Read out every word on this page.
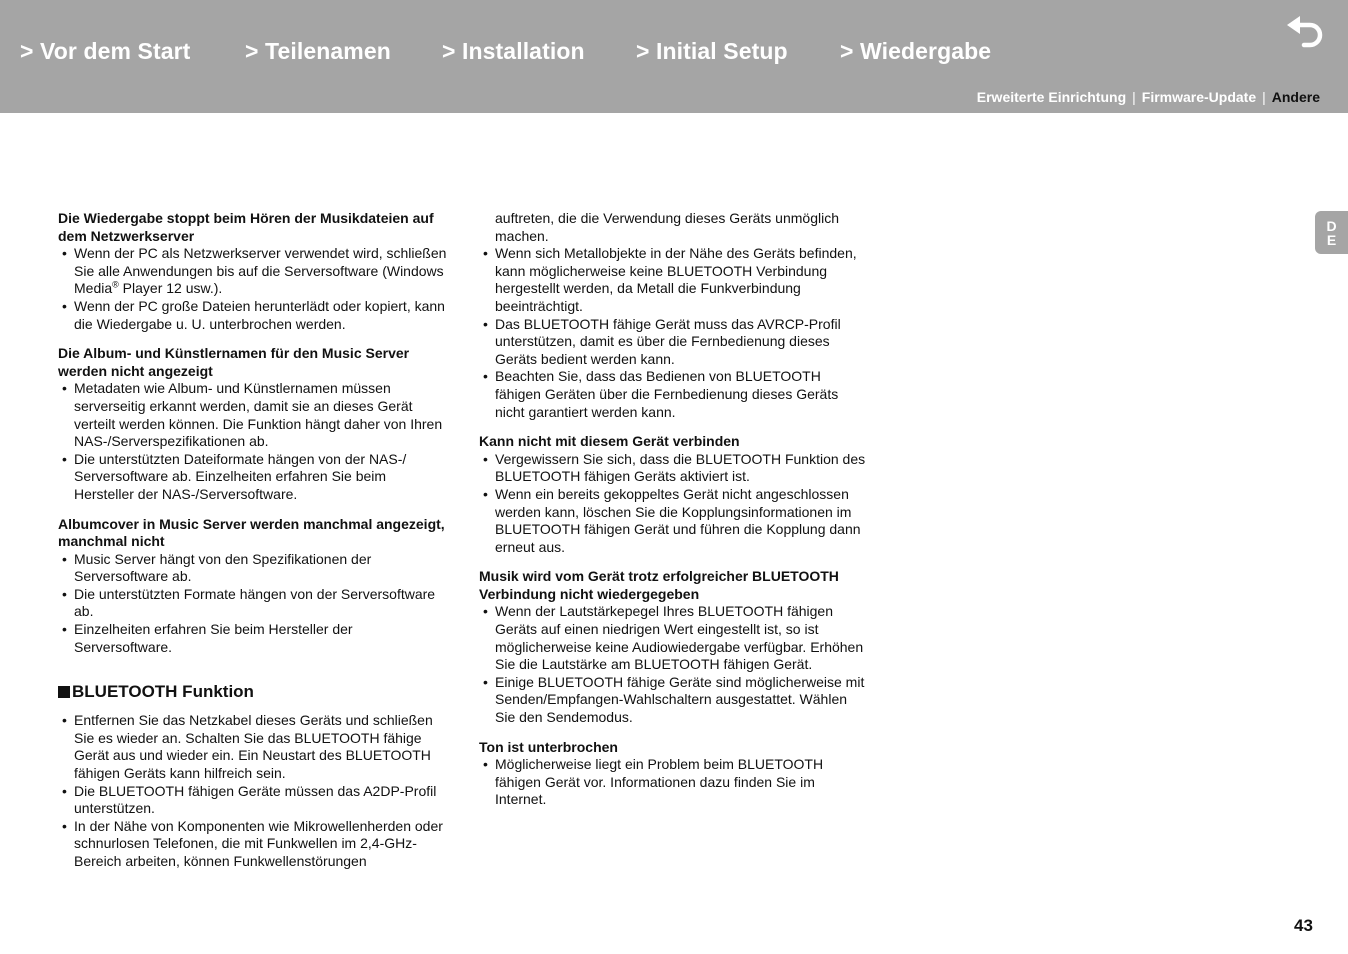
> Vor dem Start > Teilenamen > Installation > Initial Setup > Wiedergabe
Erweiterte Einrichtung | Firmware-Update | Andere
D
E

Die Wiedergabe stoppt beim Hören der Musikdateien auf dem Netzwerkserver

• Wenn der PC als Netzwerkserver verwendet wird, schließen Sie alle Anwendungen bis auf die Serversoftware (Windows Media® Player 12 usw.).
• Wenn der PC große Dateien herunterlädt oder kopiert, kann die Wiedergabe u. U. unterbrochen werden.

Die Album- und Künstlernamen für den Music Server werden nicht angezeigt

• Metadaten wie Album- und Künstlernamen müssen serverseitig erkannt werden, damit sie an dieses Gerät verteilt werden können. Die Funktion hängt daher von Ihren NAS-/Serverspezifikationen ab.
• Die unterstützten Dateiformate hängen von der NAS-/ Serversoftware ab. Einzelheiten erfahren Sie beim Hersteller der NAS-/Serversoftware.

Albumcover in Music Server werden manchmal angezeigt, manchmal nicht

• Music Server hängt von den Spezifikationen der Serversoftware ab.
• Die unterstützten Formate hängen von der Serversoftware ab.
• Einzelheiten erfahren Sie beim Hersteller der Serversoftware.
BLUETOOTH Funktion
• Entfernen Sie das Netzkabel dieses Geräts und schließen Sie es wieder an. Schalten Sie das BLUETOOTH fähige Gerät aus und wieder ein. Ein Neustart des BLUETOOTH fähigen Geräts kann hilfreich sein.
• Die BLUETOOTH fähigen Geräte müssen das A2DP-Profil unterstützen.
• In der Nähe von Komponenten wie Mikrowellenherden oder schnurlosen Telefonen, die mit Funkwellen im 2,4-GHz-Bereich arbeiten, können Funkwellenstörungen
auftreten, die die Verwendung dieses Geräts unmöglich machen.
• Wenn sich Metallobjekte in der Nähe des Geräts befinden, kann möglicherweise keine BLUETOOTH Verbindung hergestellt werden, da Metall die Funkverbindung beeinträchtigt.
• Das BLUETOOTH fähige Gerät muss das AVRCP-Profil unterstützen, damit es über die Fernbedienung dieses Geräts bedient werden kann.
• Beachten Sie, dass das Bedienen von BLUETOOTH fähigen Geräten über die Fernbedienung dieses Geräts nicht garantiert werden kann.

Kann nicht mit diesem Gerät verbinden

• Vergewissern Sie sich, dass die BLUETOOTH Funktion des BLUETOOTH fähigen Geräts aktiviert ist.
• Wenn ein bereits gekoppeltes Gerät nicht angeschlossen werden kann, löschen Sie die Kopplungsinformationen im BLUETOOTH fähigen Gerät und führen die Kopplung dann erneut aus.

Musik wird vom Gerät trotz erfolgreicher BLUETOOTH Verbindung nicht wiedergegeben

• Wenn der Lautstärkepegel Ihres BLUETOOTH fähigen Geräts auf einen niedrigen Wert eingestellt ist, so ist möglicherweise keine Audiowiedergabe verfügbar. Erhöhen Sie die Lautstärke am BLUETOOTH fähigen Gerät.
• Einige BLUETOOTH fähige Geräte sind möglicherweise mit Senden/Empfangen-Wahlschaltern ausgestattet. Wählen Sie den Sendemodus.

Ton ist unterbrochen

• Möglicherweise liegt ein Problem beim BLUETOOTH fähigen Gerät vor. Informationen dazu finden Sie im Internet.
43
